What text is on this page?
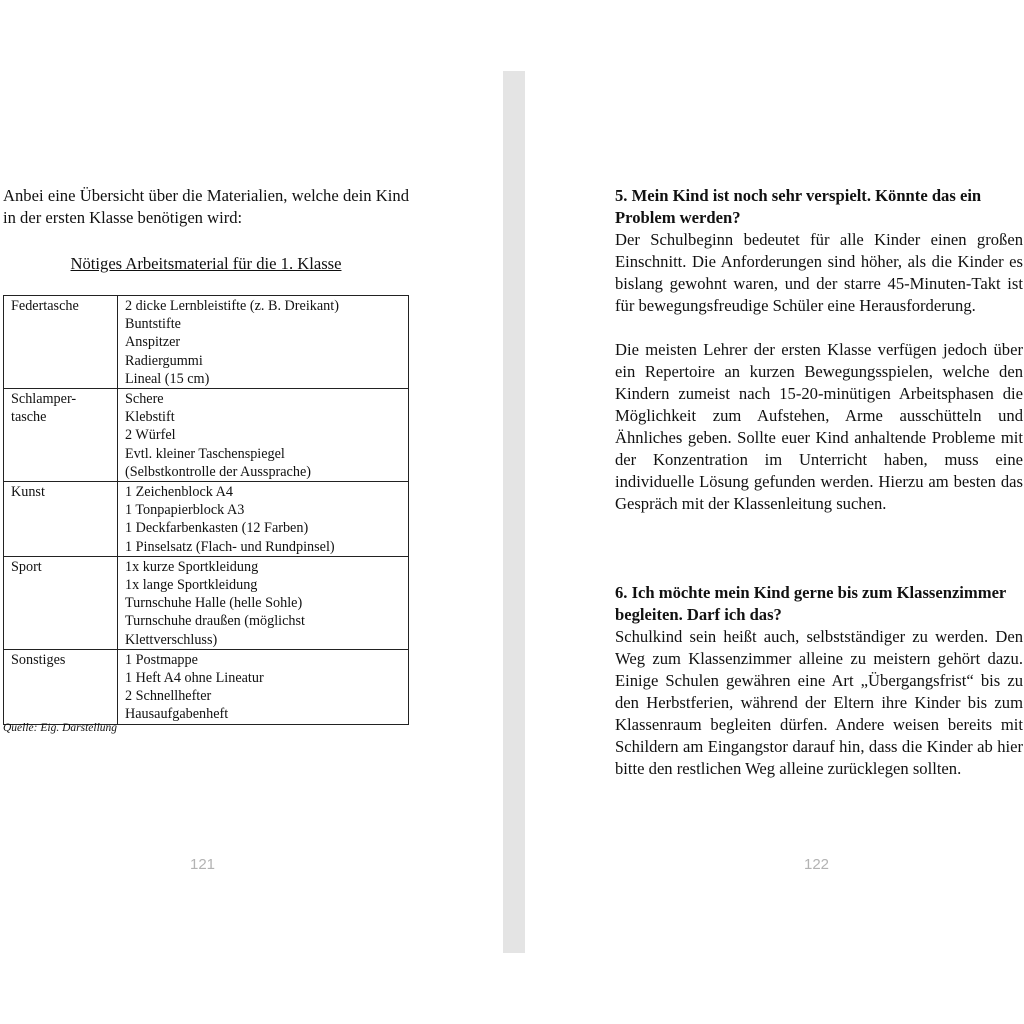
Anbei eine Übersicht über die Materialien, welche dein Kind in der ersten Klasse benötigen wird:

Nötiges Arbeitsmaterial für die 1. Klasse

Federtasche	2 dicke Lernbleistifte (z. B. Dreikant)
Buntstifte
Anspitzer
Radiergummi
Lineal (15 cm)

Schlamper-
tasche	Schere
Klebstift
2 Würfel
Evtl. kleiner Taschenspiegel
(Selbstkontrolle der Aussprache)

Kunst	1 Zeichenblock A4
1 Tonpapierblock A3
1 Deckfarbenkasten (12 Farben)
1 Pinselsatz (Flach- und Rundpinsel)

Sport	1x kurze Sportkleidung
1x lange Sportkleidung
Turnschuhe Halle (helle Sohle)
Turnschuhe draußen (möglichst
Klettverschluss)

Sonstiges	1 Postmappe
1 Heft A4 ohne Lineatur
2 Schnellhefter
Hausaufgabenheft

Quelle: Eig. Darstellung

121
5. Mein Kind ist noch sehr verspielt. Könnte das ein Problem werden?

Der Schulbeginn bedeutet für alle Kinder einen großen Einschnitt. Die Anforderungen sind höher, als die Kinder es bislang gewohnt waren, und der starre 45-Minuten-Takt ist für bewegungsfreudige Schüler eine Herausforderung.

Die meisten Lehrer der ersten Klasse verfügen jedoch über ein Repertoire an kurzen Bewegungsspielen, welche den Kindern zumeist nach 15-20-minütigen Arbeitsphasen die Möglichkeit zum Aufstehen, Arme ausschütteln und Ähnliches geben. Sollte euer Kind anhaltende Probleme mit der Konzentration im Unterricht haben, muss eine individuelle Lösung gefunden werden. Hierzu am besten das Gespräch mit der Klassenleitung suchen.

6. Ich möchte mein Kind gerne bis zum Klassenzimmer begleiten. Darf ich das?

Schulkind sein heißt auch, selbstständiger zu werden. Den Weg zum Klassenzimmer alleine zu meistern gehört dazu. Einige Schulen gewähren eine Art „Übergangsfrist“ bis zu den Herbstferien, während der Eltern ihre Kinder bis zum Klassenraum begleiten dürfen. Andere weisen bereits mit Schildern am Eingangstor darauf hin, dass die Kinder ab hier bitte den restlichen Weg alleine zurücklegen sollten.

122
